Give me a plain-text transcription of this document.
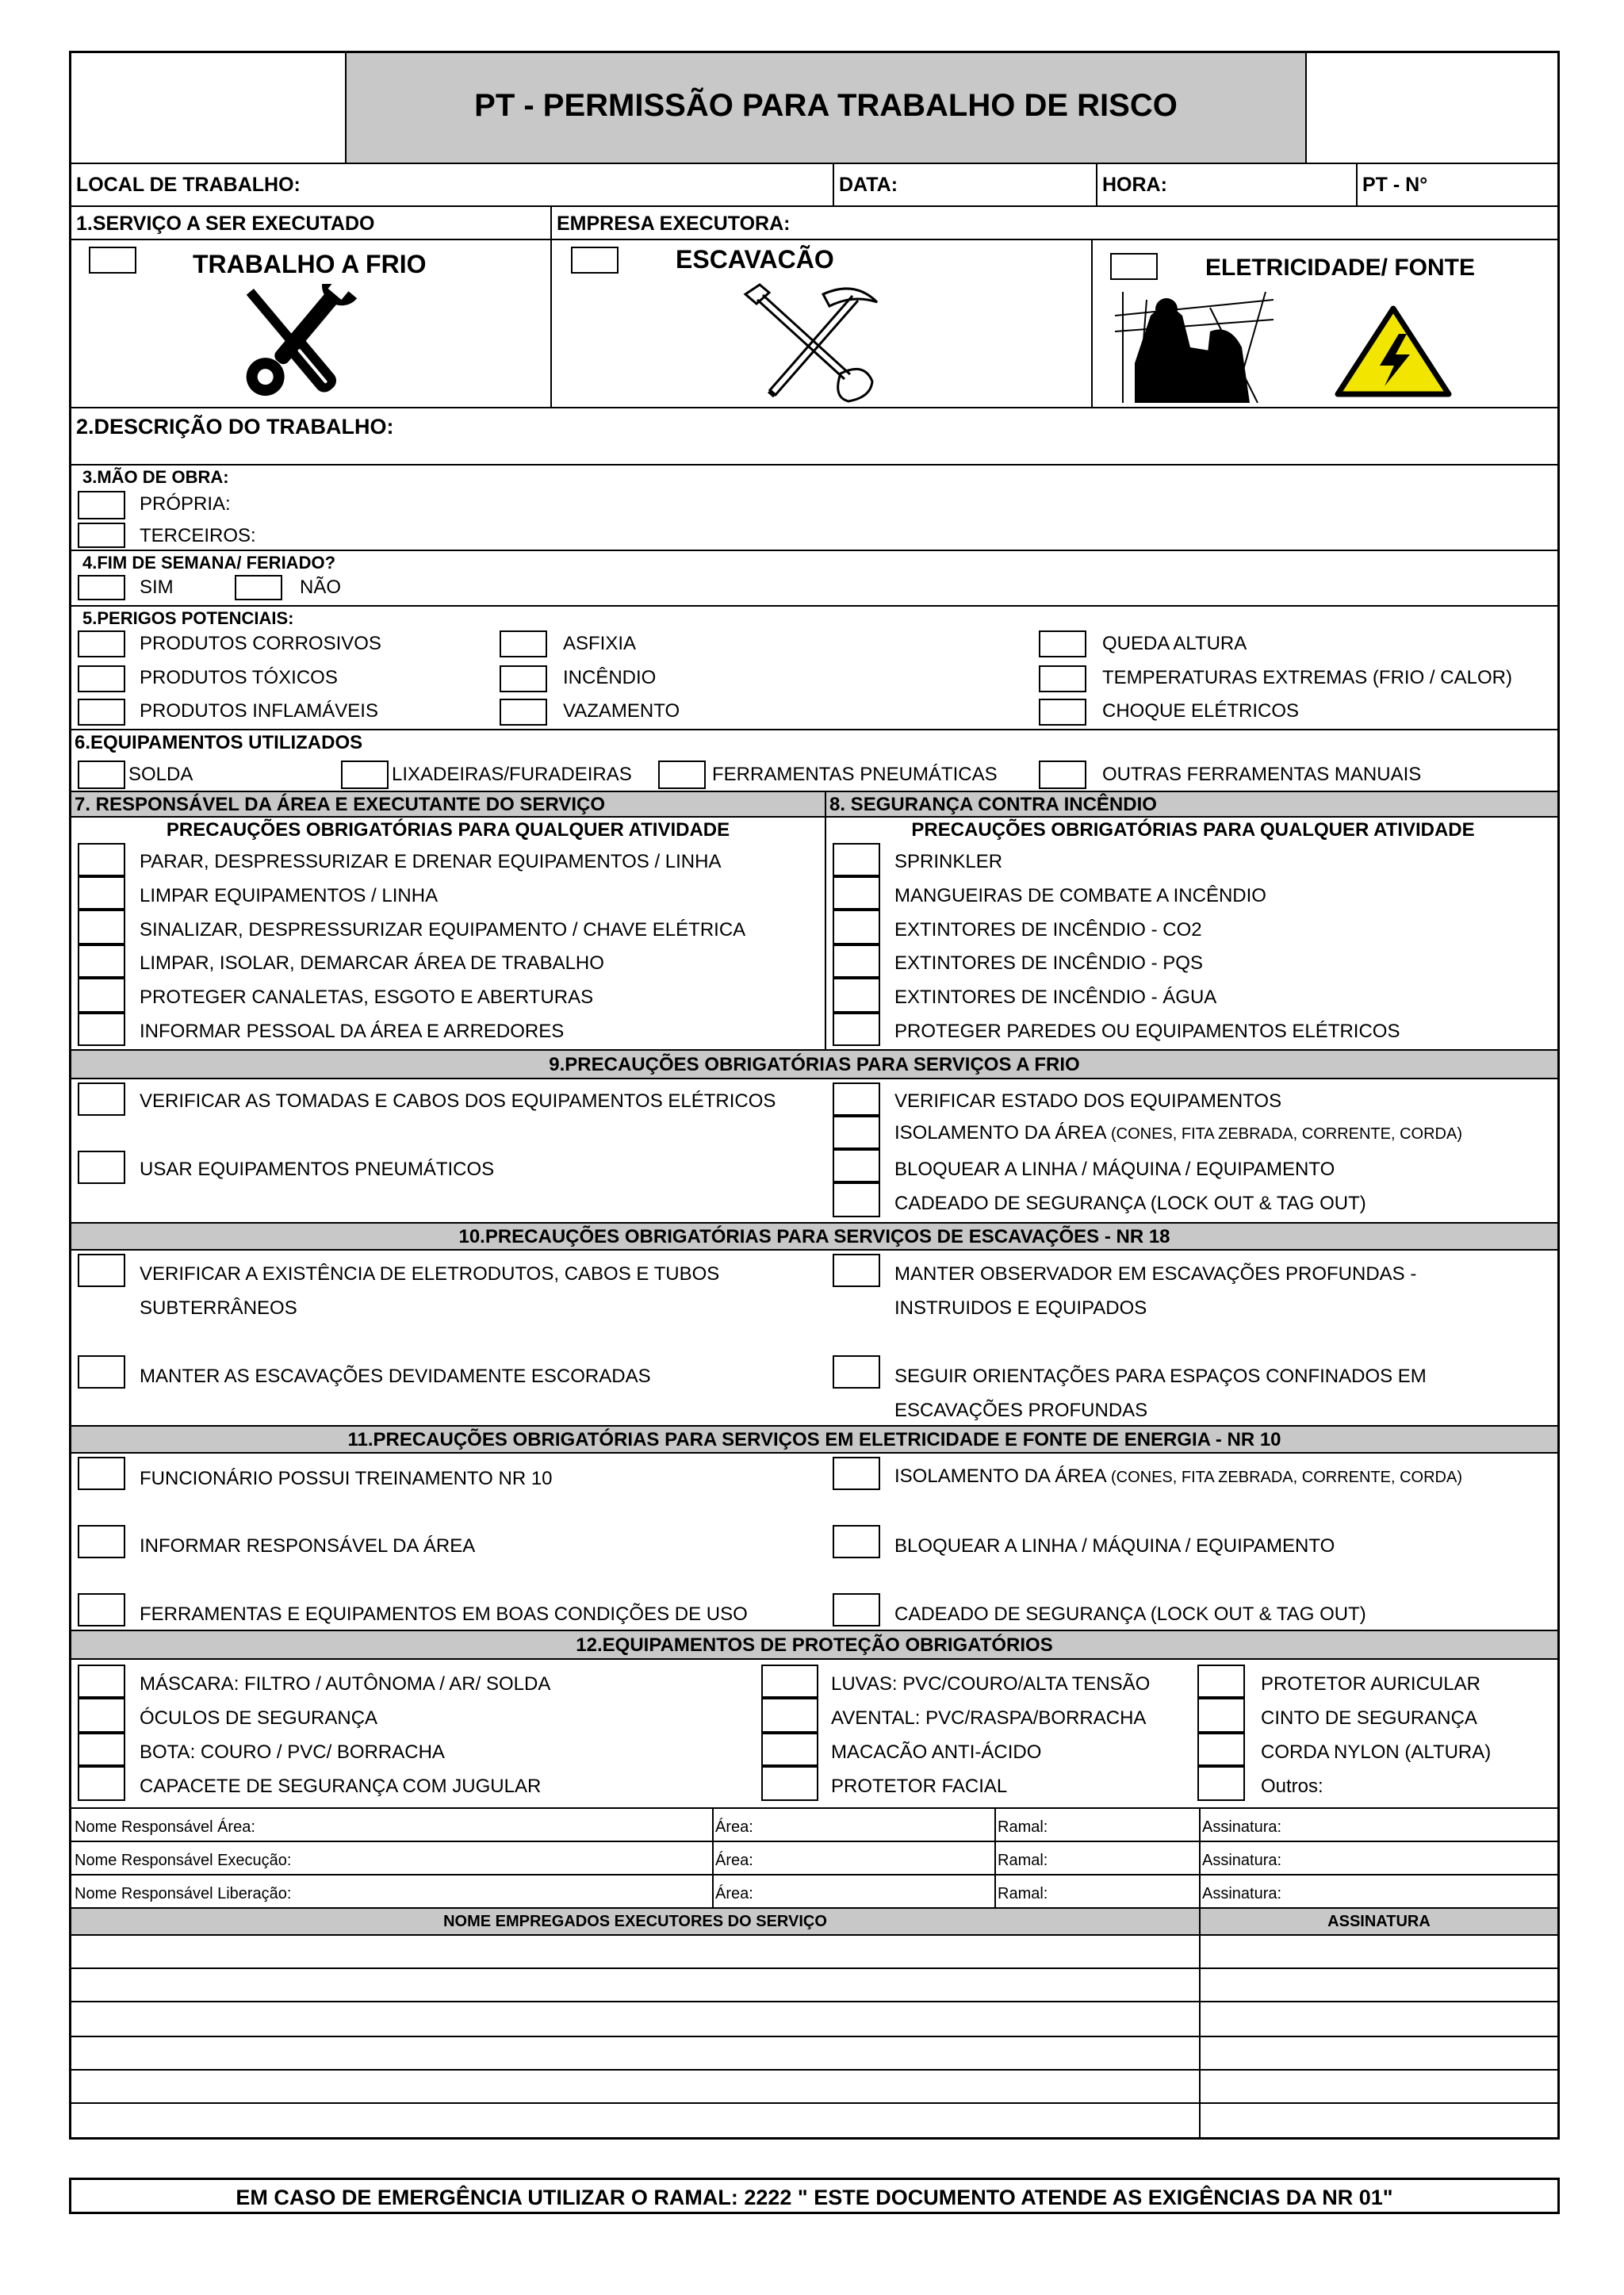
PT - PERMISSÃO PARA TRABALHO DE RISCO
LOCAL DE TRABALHO:	DATA:	HORA:	PT - N°
1.SERVIÇO A SER EXECUTADO	EMPRESA EXECUTORA:
TRABALHO A FRIO	ESCAVACÃO	ELETRICIDADE/ FONTE
2.DESCRIÇÃO DO TRABALHO:
3.MÃO DE OBRA:
PRÓPRIA:
TERCEIROS:
4.FIM DE SEMANA/ FERIADO?
SIM	NÃO
5.PERIGOS POTENCIAIS:
PRODUTOS CORROSIVOS
PRODUTOS TÓXICOS
PRODUTOS INFLAMÁVEIS
ASFIXIA
INCÊNDIO
VAZAMENTO
QUEDA ALTURA
TEMPERATURAS EXTREMAS (FRIO / CALOR)
CHOQUE ELÉTRICOS
6.EQUIPAMENTOS UTILIZADOS
SOLDA	LIXADEIRAS/FURADEIRAS	FERRAMENTAS PNEUMÁTICAS	OUTRAS FERRAMENTAS MANUAIS
7. RESPONSÁVEL DA ÁREA E EXECUTANTE DO SERVIÇO	8. SEGURANÇA CONTRA INCÊNDIO
PRECAUÇÕES OBRIGATÓRIAS PARA QUALQUER ATIVIDADE	PRECAUÇÕES OBRIGATÓRIAS PARA QUALQUER ATIVIDADE
PARAR, DESPRESSURIZAR E DRENAR EQUIPAMENTOS / LINHA
LIMPAR EQUIPAMENTOS / LINHA
SINALIZAR, DESPRESSURIZAR EQUIPAMENTO / CHAVE ELÉTRICA
LIMPAR, ISOLAR, DEMARCAR ÁREA DE TRABALHO
PROTEGER CANALETAS, ESGOTO E ABERTURAS
INFORMAR PESSOAL DA ÁREA E ARREDORES
SPRINKLER
MANGUEIRAS DE COMBATE A INCÊNDIO
EXTINTORES DE INCÊNDIO - CO2
EXTINTORES DE INCÊNDIO - PQS
EXTINTORES DE INCÊNDIO - ÁGUA
PROTEGER PAREDES OU EQUIPAMENTOS ELÉTRICOS
9.PRECAUÇÕES OBRIGATÓRIAS PARA SERVIÇOS A FRIO
VERIFICAR AS TOMADAS E CABOS DOS EQUIPAMENTOS ELÉTRICOS
USAR EQUIPAMENTOS PNEUMÁTICOS
VERIFICAR ESTADO DOS EQUIPAMENTOS
ISOLAMENTO DA ÁREA (CONES, FITA ZEBRADA, CORRENTE, CORDA)
BLOQUEAR A LINHA / MÁQUINA / EQUIPAMENTO
CADEADO DE SEGURANÇA (LOCK OUT & TAG OUT)
10.PRECAUÇÕES OBRIGATÓRIAS PARA SERVIÇOS DE ESCAVAÇÕES - NR 18
VERIFICAR A EXISTÊNCIA DE ELETRODUTOS, CABOS E TUBOS
SUBTERRÂNEOS
MANTER AS ESCAVAÇÕES DEVIDAMENTE ESCORADAS
MANTER OBSERVADOR EM ESCAVAÇÕES PROFUNDAS -
INSTRUIDOS E EQUIPADOS
SEGUIR ORIENTAÇÕES PARA ESPAÇOS CONFINADOS EM
ESCAVAÇÕES PROFUNDAS
11.PRECAUÇÕES OBRIGATÓRIAS PARA SERVIÇOS EM ELETRICIDADE E FONTE DE ENERGIA - NR 10
FUNCIONÁRIO POSSUI TREINAMENTO NR 10
INFORMAR RESPONSÁVEL DA ÁREA
FERRAMENTAS E EQUIPAMENTOS EM BOAS CONDIÇÕES DE USO
ISOLAMENTO DA ÁREA (CONES, FITA ZEBRADA, CORRENTE, CORDA)
BLOQUEAR A LINHA / MÁQUINA / EQUIPAMENTO
CADEADO DE SEGURANÇA (LOCK OUT & TAG OUT)
12.EQUIPAMENTOS DE PROTEÇÃO OBRIGATÓRIOS
MÁSCARA: FILTRO / AUTÔNOMA / AR/ SOLDA
ÓCULOS DE SEGURANÇA
BOTA: COURO / PVC/ BORRACHA
CAPACETE DE SEGURANÇA COM JUGULAR
LUVAS: PVC/COURO/ALTA TENSÃO
AVENTAL: PVC/RASPA/BORRACHA
MACACÃO ANTI-ÁCIDO
PROTETOR FACIAL
PROTETOR AURICULAR
CINTO DE SEGURANÇA
CORDA NYLON (ALTURA)
Outros:
Nome Responsável Área:	Área:	Ramal:	Assinatura:
Nome Responsável Execução:	Área:	Ramal:	Assinatura:
Nome Responsável Liberação:	Área:	Ramal:	Assinatura:
NOME EMPREGADOS EXECUTORES DO SERVIÇO	ASSINATURA
EM CASO DE EMERGÊNCIA UTILIZAR O RAMAL: 2222 " ESTE DOCUMENTO ATENDE AS EXIGÊNCIAS DA NR 01"
